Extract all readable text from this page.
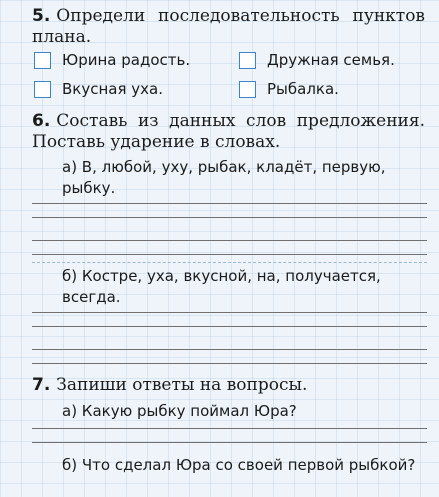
5. Определи последовательность пунктов плана.
Юрина радость.
Вкусная уха.
Дружная семья.
Рыбалка.
6. Составь из данных слов предложения. Поставь ударение в словах.
а) В, любой, уху, рыбак, кладёт, первую, рыбку.
б) Костре, уха, вкусной, на, получается, всегда.
7. Запиши ответы на вопросы.
а) Какую рыбку поймал Юра?
б) Что сделал Юра со своей первой рыбкой?
